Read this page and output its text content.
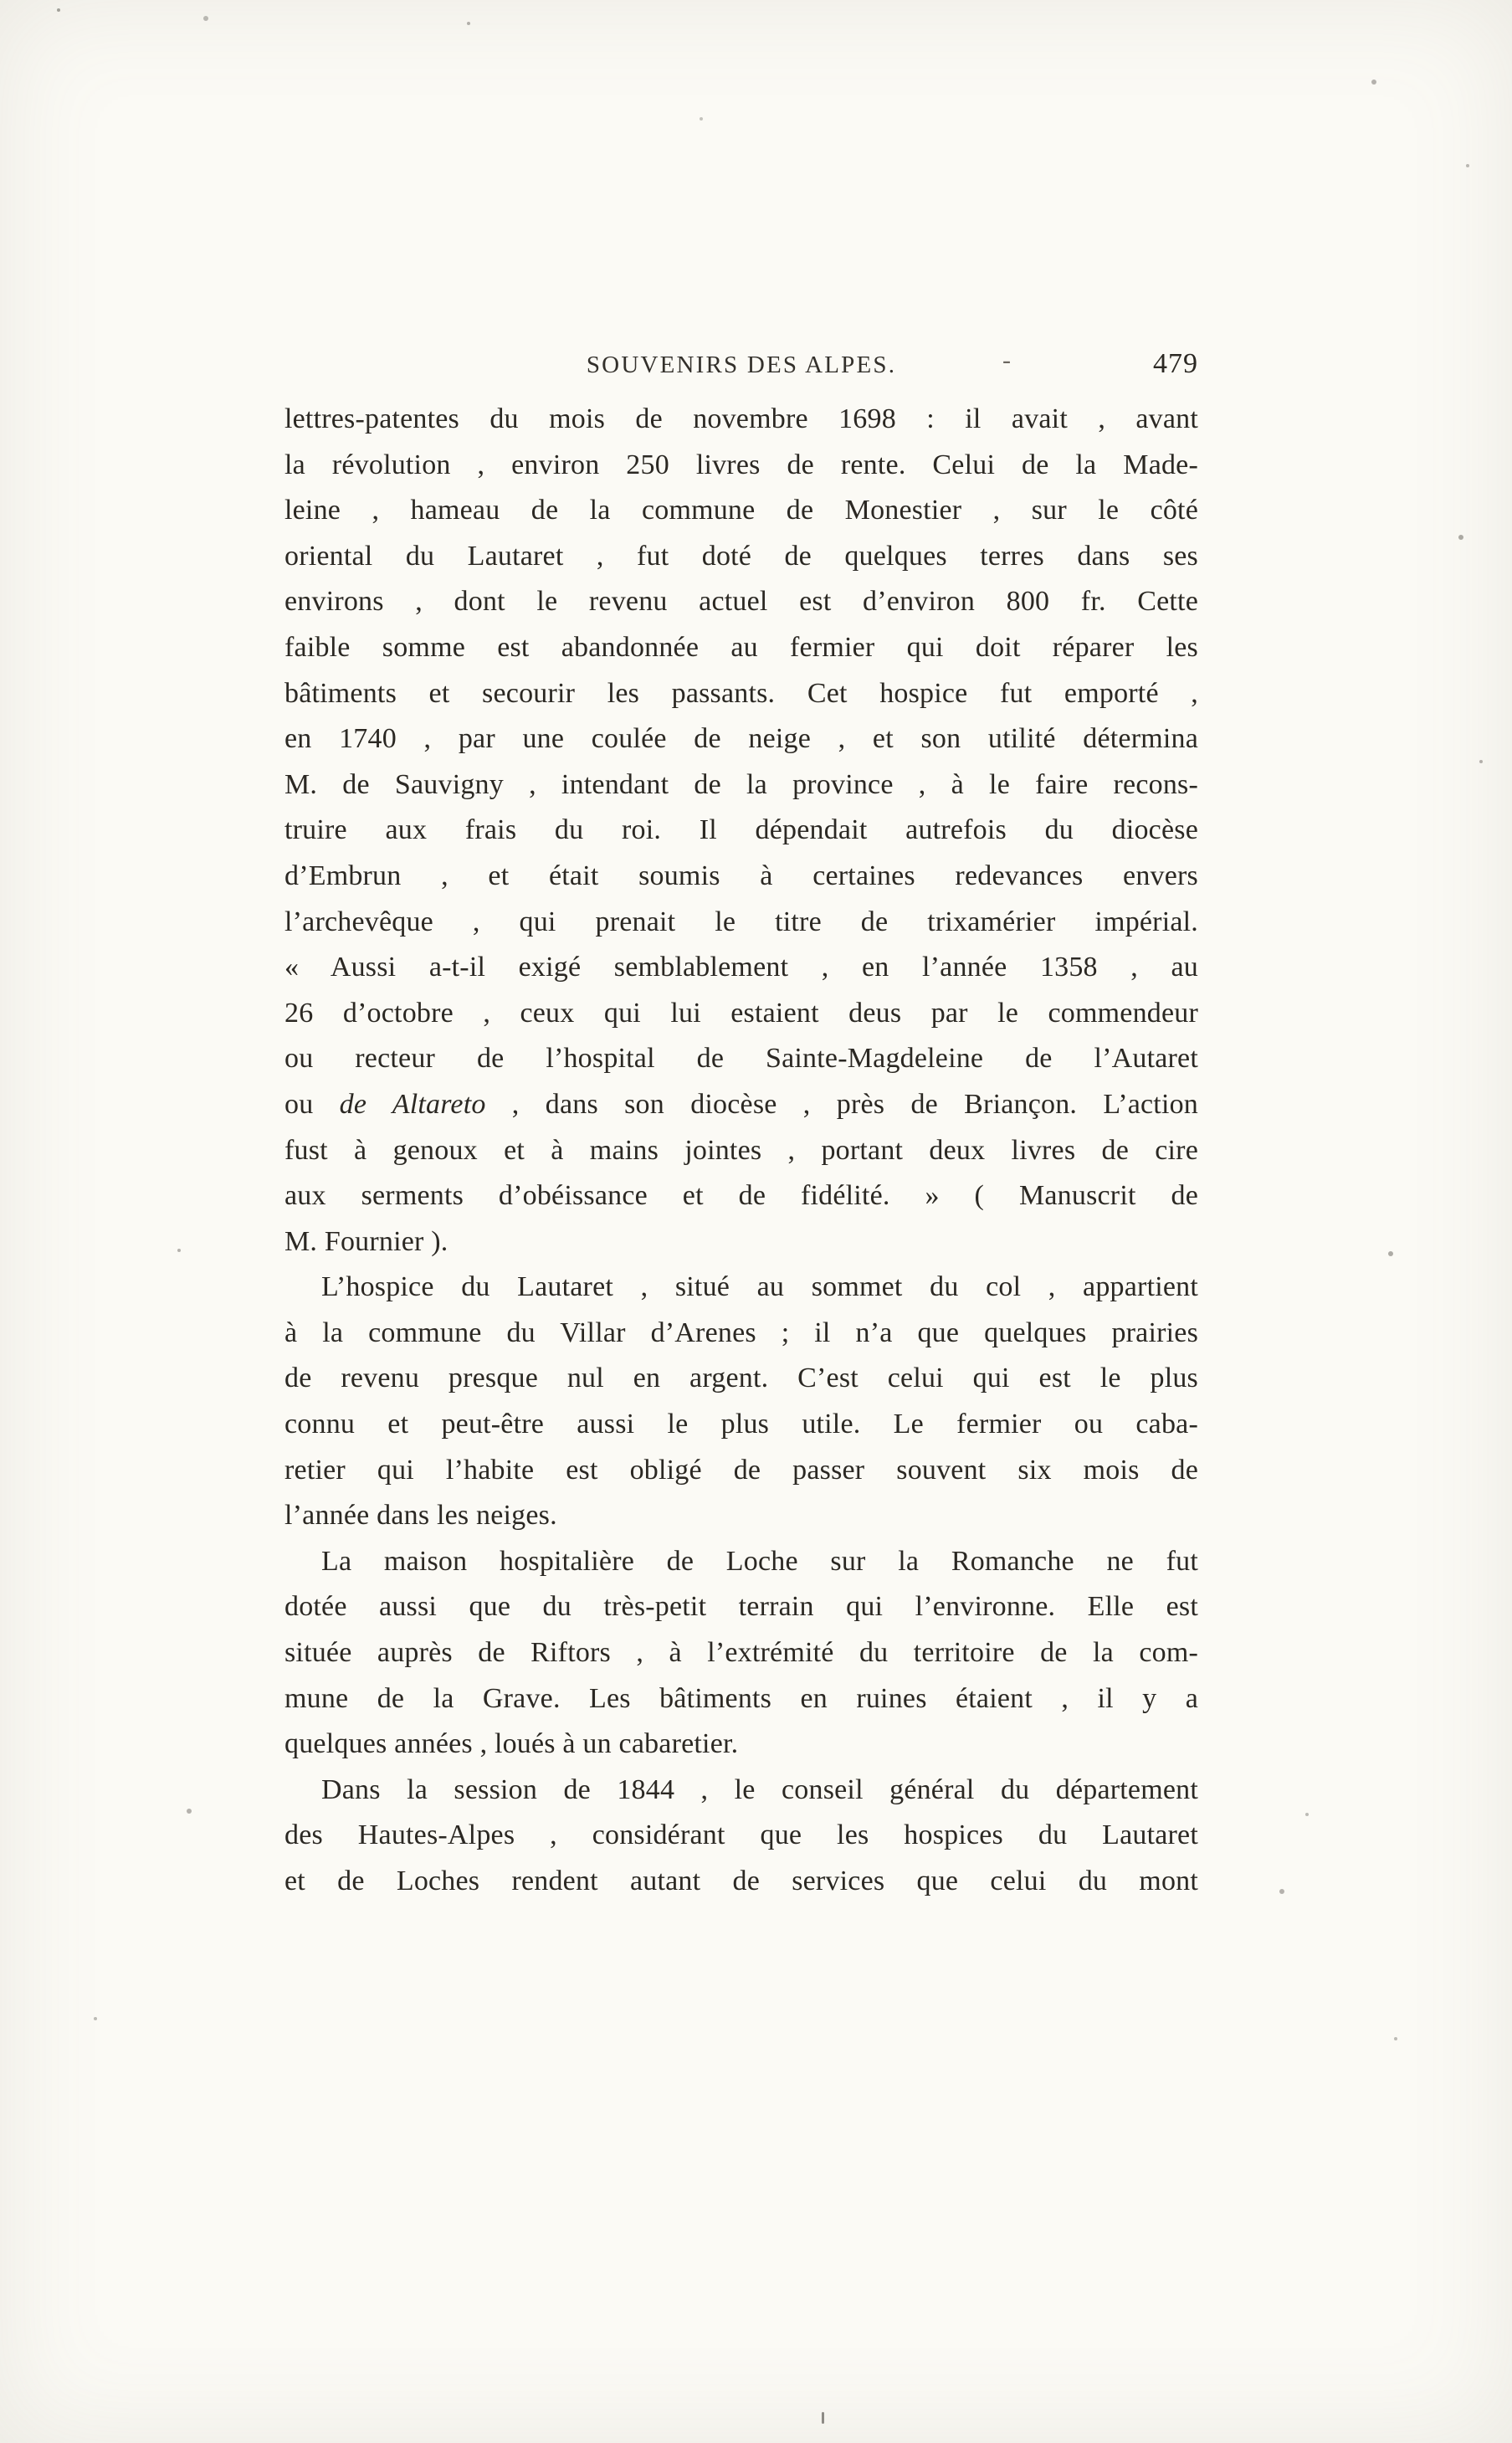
SOUVENIRS DES ALPES.	-	479
lettres-patentes du mois de novembre 1698 : il avait , avant
la révolution , environ 250 livres de rente. Celui de la Made-
leine , hameau de la commune de Monestier , sur le côté
oriental du Lautaret , fut doté de quelques terres dans ses
environs , dont le revenu actuel est d’environ 800 fr. Cette
faible somme est abandonnée au fermier qui doit réparer les
bâtiments et secourir les passants. Cet hospice fut emporté ,
en 1740 , par une coulée de neige , et son utilité détermina
M. de Sauvigny , intendant de la province , à le faire recons-
truire aux frais du roi. Il dépendait autrefois du diocèse
d’Embrun , et était soumis à certaines redevances envers
l’archevêque , qui prenait le titre de trixamérier impérial.
« Aussi a-t-il exigé semblablement , en l’année 1358 , au
26 d’octobre , ceux qui lui estaient deus par le commendeur
ou recteur de l’hospital de Sainte-Magdeleine de l’Autaret
ou de Altareto , dans son diocèse , près de Briançon. L’action
fust à genoux et à mains jointes , portant deux livres de cire
aux serments d’obéissance et de fidélité. » ( Manuscrit de
M. Fournier ).
L’hospice du Lautaret , situé au sommet du col , appartient
à la commune du Villar d’Arenes ; il n’a que quelques prairies
de revenu presque nul en argent. C’est celui qui est le plus
connu et peut-être aussi le plus utile. Le fermier ou caba-
retier qui l’habite est obligé de passer souvent six mois de
l’année dans les neiges.
La maison hospitalière de Loche sur la Romanche ne fut
dotée aussi que du très-petit terrain qui l’environne. Elle est
située auprès de Riftors , à l’extrémité du territoire de la com-
mune de la Grave. Les bâtiments en ruines étaient , il y a
quelques années , loués à un cabaretier.
Dans la session de 1844 , le conseil général du département
des Hautes-Alpes , considérant que les hospices du Lautaret
et de Loches rendent autant de services que celui du mont
